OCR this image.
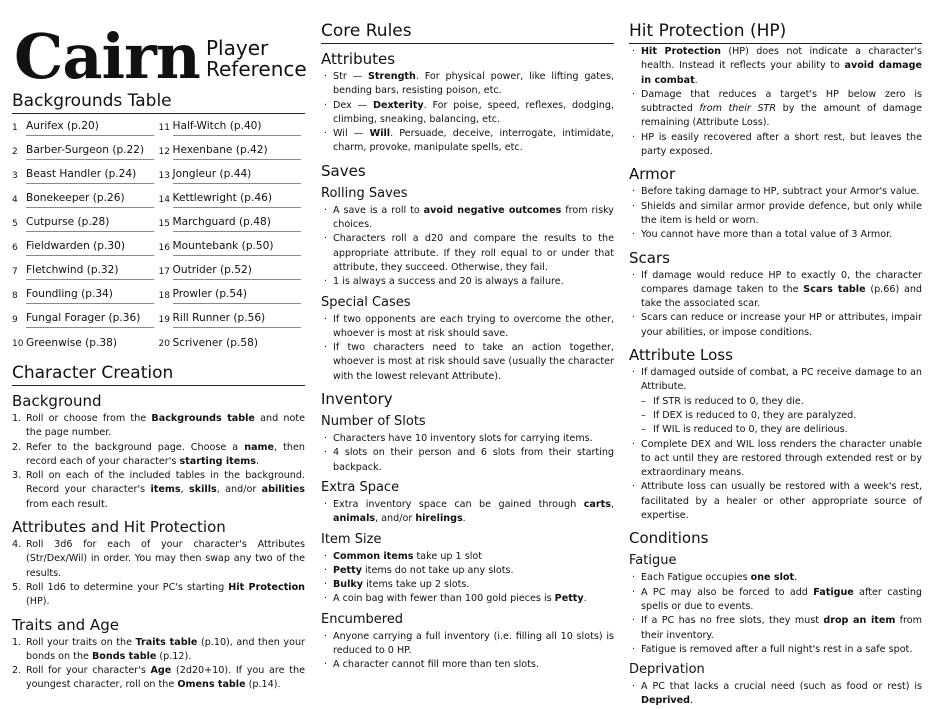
Cairn Player
Reference
Backgrounds Table
1	Aurifex (p.20)	11	Half-Witch (p.40)
2	Barber-Surgeon (p.22)	12	Hexenbane (p.42)
3	Beast Handler (p.24)	13	Jongleur (p.44)
4	Bonekeeper (p.26)	14	Kettlewright (p.46)
5	Cutpurse (p.28)	15	Marchguard (p.48)
6	Fieldwarden (p.30)	16	Mountebank (p.50)
7	Fletchwind (p.32)	17	Outrider (p.52)
8	Foundling (p.34)	18	Prowler (p.54)
9	Fungal Forager (p.36)	19	Rill Runner (p.56)
10	Greenwise (p.38)	20	Scrivener (p.58)
Character Creation
Background
1. Roll or choose from the Backgrounds table and note the page number.
2. Refer to the background page. Choose a name, then record each of your character's starting items.
3. Roll on each of the included tables in the background. Record your character's items, skills, and/or abilities from each result.
Attributes and Hit Protection
4. Roll 3d6 for each of your character's Attributes (Str/Dex/Wil) in order. You may then swap any two of the results.
5. Roll 1d6 to determine your PC's starting Hit Protection (HP).
Traits and Age
1. Roll your traits on the Traits table (p.10), and then your bonds on the Bonds table (p.12).
2. Roll for your character's Age (2d20+10). If you are the youngest character, roll on the Omens table (p.14).
Core Rules
Attributes
· Str — Strength. For physical power, like lifting gates, bending bars, resisting poison, etc.
· Dex — Dexterity. For poise, speed, reflexes, dodging, climbing, sneaking, balancing, etc.
· Wil — Will. Persuade, deceive, interrogate, intimidate, charm, provoke, manipulate spells, etc.
Saves
Rolling Saves
· A save is a roll to avoid negative outcomes from risky choices.
· Characters roll a d20 and compare the results to the appropriate attribute. If they roll equal to or under that attribute, they succeed. Otherwise, they fail.
· 1 is always a success and 20 is always a failure.
Special Cases
· If two opponents are each trying to overcome the other, whoever is most at risk should save.
· If two characters need to take an action together, whoever is most at risk should save (usually the character with the lowest relevant Attribute).
Inventory
Number of Slots
· Characters have 10 inventory slots for carrying items.
· 4 slots on their person and 6 slots from their starting backpack.
Extra Space
· Extra inventory space can be gained through carts, animals, and/or hirelings.
Item Size
· Common items take up 1 slot
· Petty items do not take up any slots.
· Bulky items take up 2 slots.
· A coin bag with fewer than 100 gold pieces is Petty.
Encumbered
· Anyone carrying a full inventory (i.e. filling all 10 slots) is reduced to 0 HP.
· A character cannot fill more than ten slots.
Hit Protection (HP)
· Hit Protection (HP) does not indicate a character's health. Instead it reflects your ability to avoid damage in combat.
· Damage that reduces a target's HP below zero is subtracted from their STR by the amount of damage remaining (Attribute Loss).
· HP is easily recovered after a short rest, but leaves the party exposed.
Armor
· Before taking damage to HP, subtract your Armor's value.
· Shields and similar armor provide defence, but only while the item is held or worn.
· You cannot have more than a total value of 3 Armor.
Scars
· If damage would reduce HP to exactly 0, the character compares damage taken to the Scars table (p.66) and take the associated scar.
· Scars can reduce or increase your HP or attributes, impair your abilities, or impose conditions.
Attribute Loss
· If damaged outside of combat, a PC receive damage to an Attribute.
– If STR is reduced to 0, they die.
– If DEX is reduced to 0, they are paralyzed.
– If WIL is reduced to 0, they are delirious.
· Complete DEX and WIL loss renders the character unable to act until they are restored through extended rest or by extraordinary means.
· Attribute loss can usually be restored with a week's rest, facilitated by a healer or other appropriate source of expertise.
Conditions
Fatigue
· Each Fatigue occupies one slot.
· A PC may also be forced to add Fatigue after casting spells or due to events.
· If a PC has no free slots, they must drop an item from their inventory.
· Fatigue is removed after a full night's rest in a safe spot.
Deprivation
· A PC that lacks a crucial need (such as food or rest) is Deprived.
